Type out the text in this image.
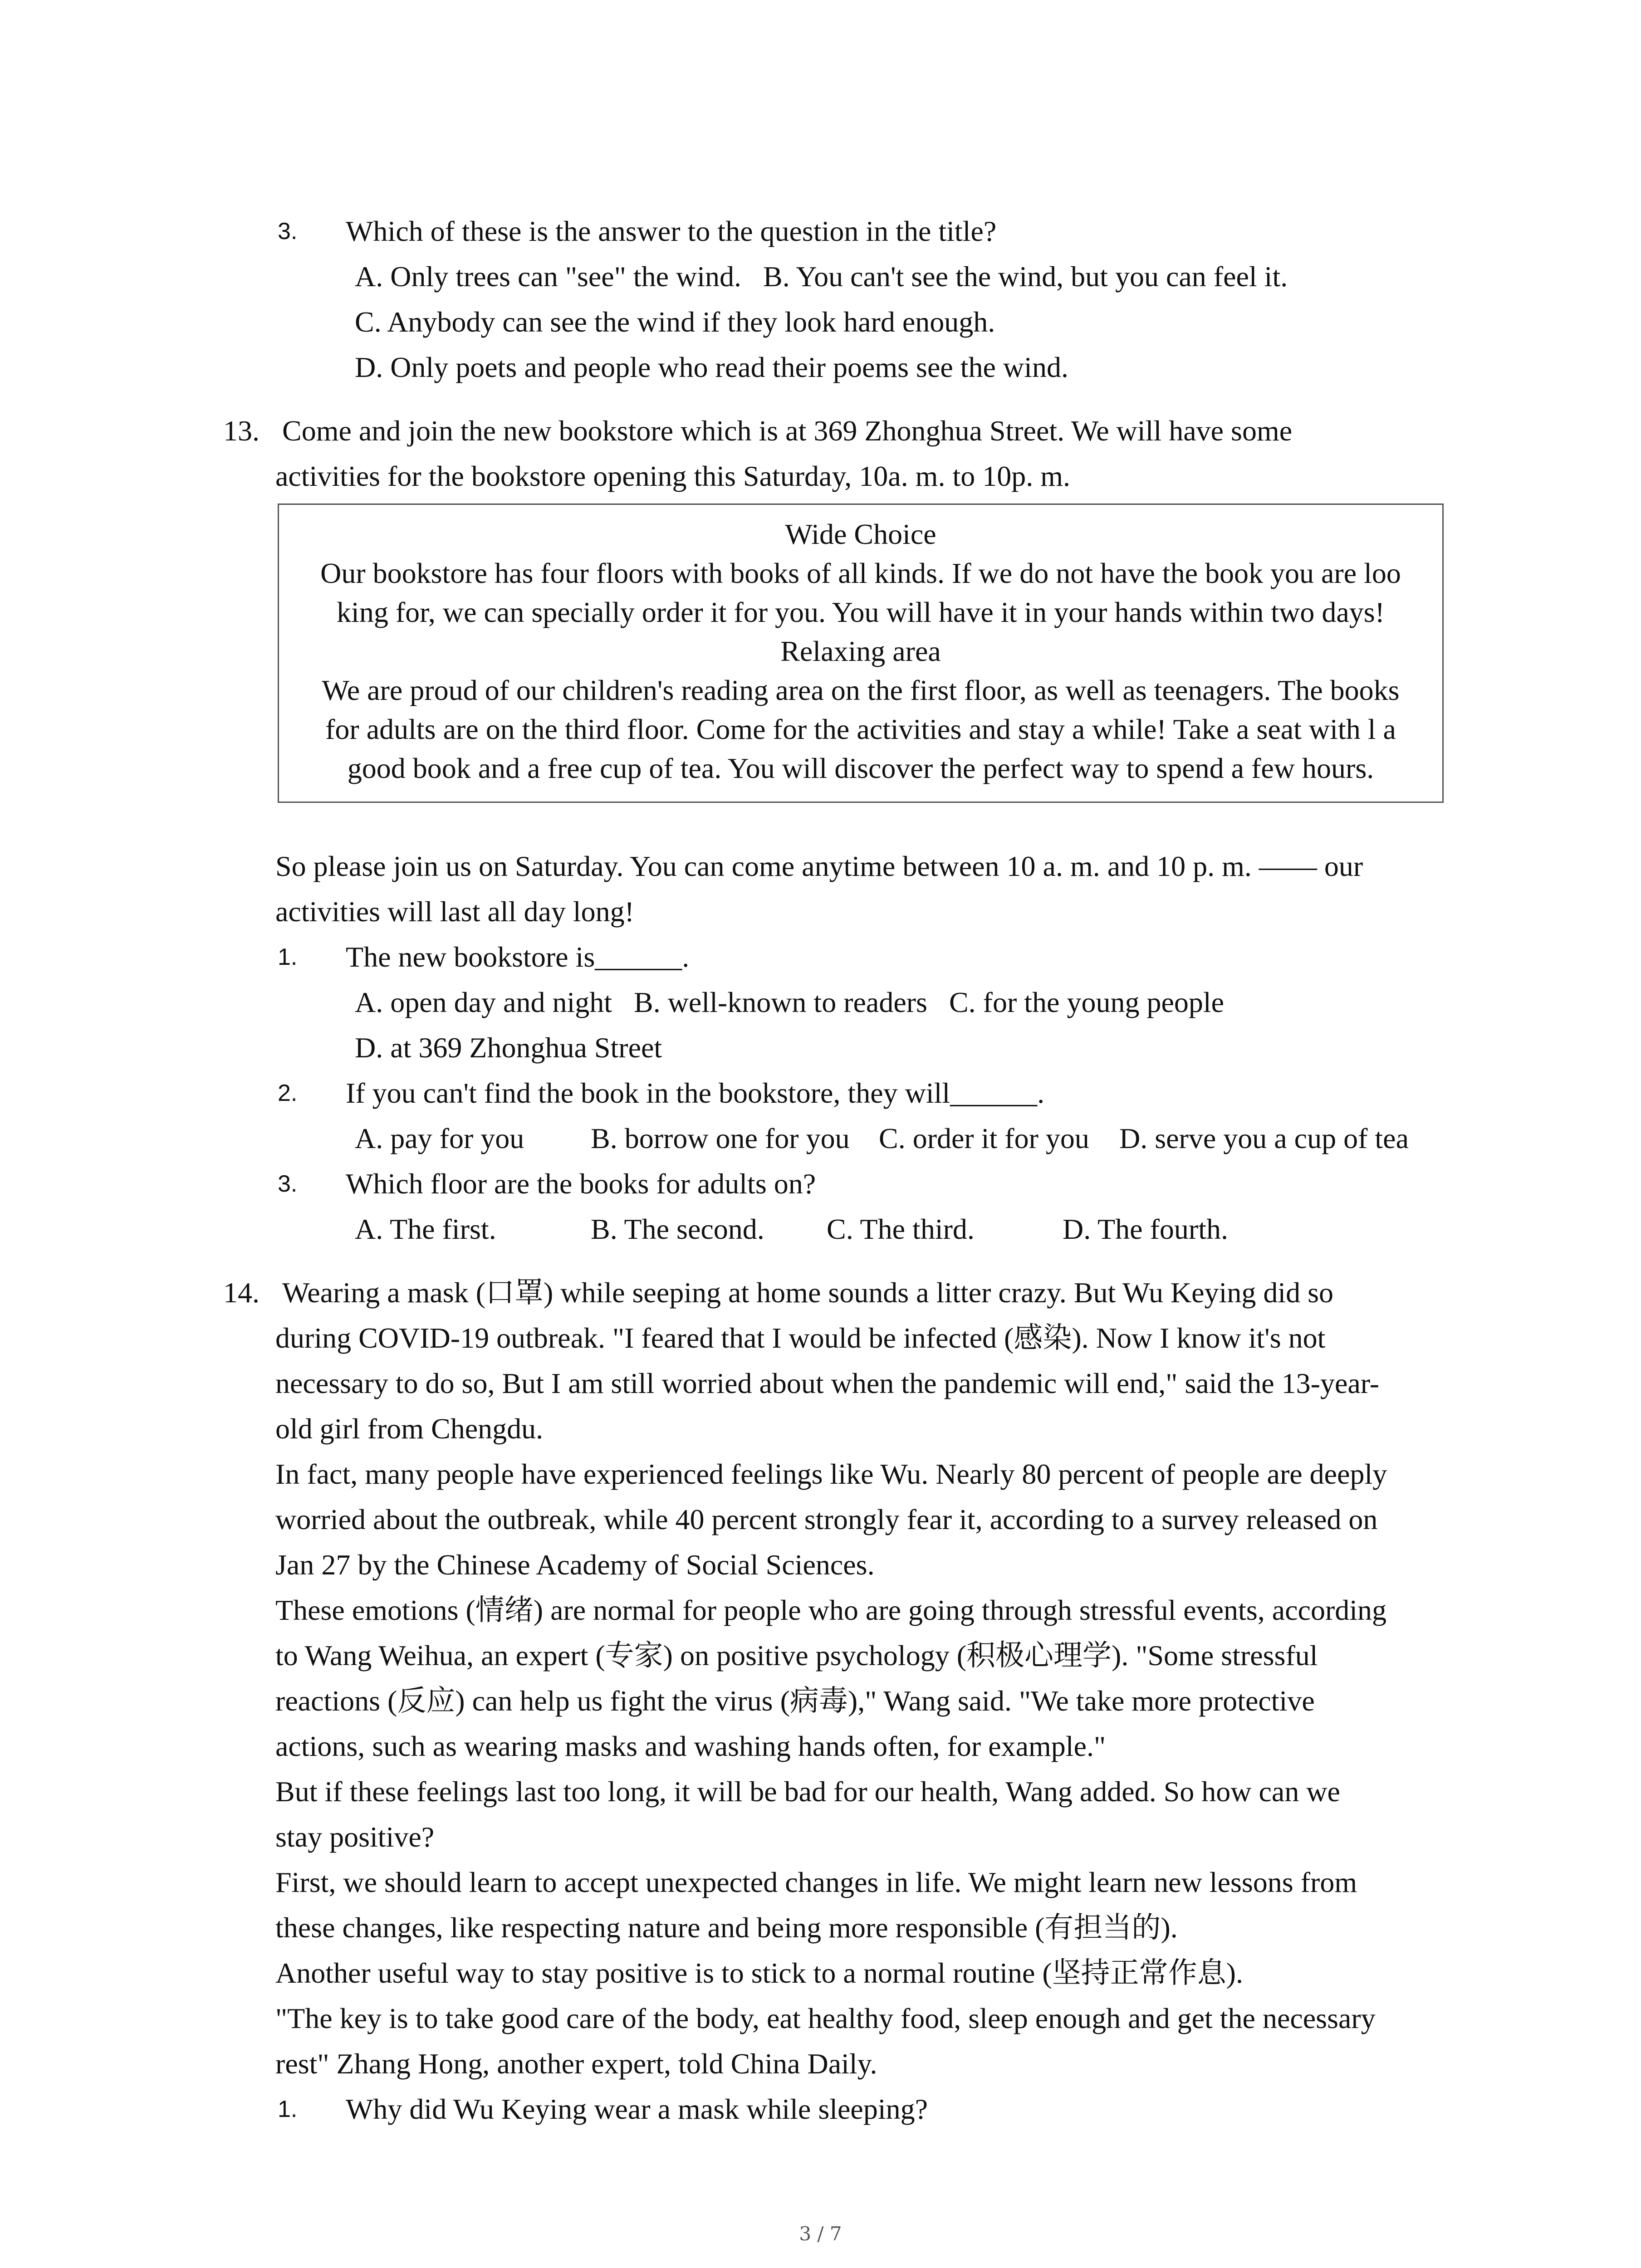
3. Which of these is the answer to the question in the title?
A. Only trees can "see" the wind.   B. You can't see the wind, but you can feel it.
C. Anybody can see the wind if they look hard enough.
D. Only poets and people who read their poems see the wind.
13. Come and join the new bookstore which is at 369 Zhonghua Street. We will have some
activities for the bookstore opening this Saturday, 10a. m. to 10p. m.
Wide Choice
Our bookstore has four floors with books of all kinds. If we do not have the book you are loo
king for, we can specially order it for you. You will have it in your hands within two days!
Relaxing area
We are proud of our children's reading area on the first floor, as well as teenagers. The books
for adults are on the third floor. Come for the activities and stay a while! Take a seat with l a
good book and a free cup of tea. You will discover the perfect way to spend a few hours.
So please join us on Saturday. You can come anytime between 10 a. m. and 10 p. m. —— our
activities will last all day long!
1. The new bookstore is______.
A. open day and night   B. well-known to readers   C. for the young people
D. at 369 Zhonghua Street
2. If you can't find the book in the bookstore, they will______.
A. pay for you B. borrow one for you C. order it for you D. serve you a cup of tea
3. Which floor are the books for adults on?
A. The first.	B. The second. C. The third.	D. The fourth.
14. Wearing a mask (口罩) while seeping at home sounds a litter crazy. But Wu Keying did so
during COVID-19 outbreak. "I feared that I would be infected (感染). Now I know it's not
necessary to do so, But I am still worried about when the pandemic will end," said the 13-year-
old girl from Chengdu.
In fact, many people have experienced feelings like Wu. Nearly 80 percent of people are deeply
worried about the outbreak, while 40 percent strongly fear it, according to a survey released on
Jan 27 by the Chinese Academy of Social Sciences.
These emotions (情绪) are normal for people who are going through stressful events, according
to Wang Weihua, an expert (专家) on positive psychology (积极心理学). "Some stressful
reactions (反应) can help us fight the virus (病毒)," Wang said. "We take more protective
actions, such as wearing masks and washing hands often, for example."
But if these feelings last too long, it will be bad for our health, Wang added. So how can we
stay positive?
First, we should learn to accept unexpected changes in life. We might learn new lessons from
these changes, like respecting nature and being more responsible (有担当的).
Another useful way to stay positive is to stick to a normal routine (坚持正常作息).
"The key is to take good care of the body, eat healthy food, sleep enough and get the necessary
rest" Zhang Hong, another expert, told China Daily.
1. Why did Wu Keying wear a mask while sleeping?
3 / 7
